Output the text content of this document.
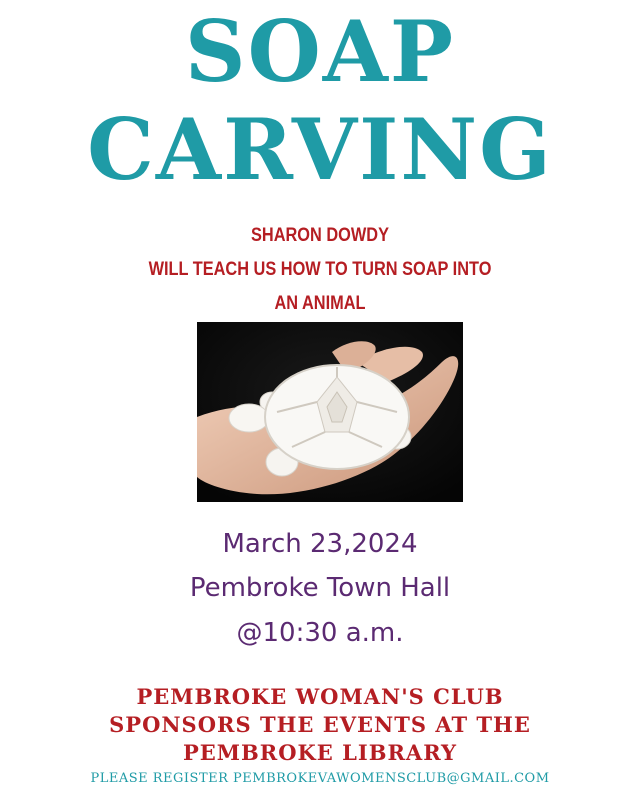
SOAP
CARVING
SHARON DOWDY
WILL TEACH US HOW TO TURN SOAP INTO
AN ANIMAL
March 23,2024
Pembroke Town Hall
@10:30 a.m.
PEMBROKE WOMAN'S CLUB
SPONSORS THE EVENTS AT THE
PEMBROKE LIBRARY
PLEASE REGISTER PEMBROKEVAWOMENSCLUB@GMAIL.COM
